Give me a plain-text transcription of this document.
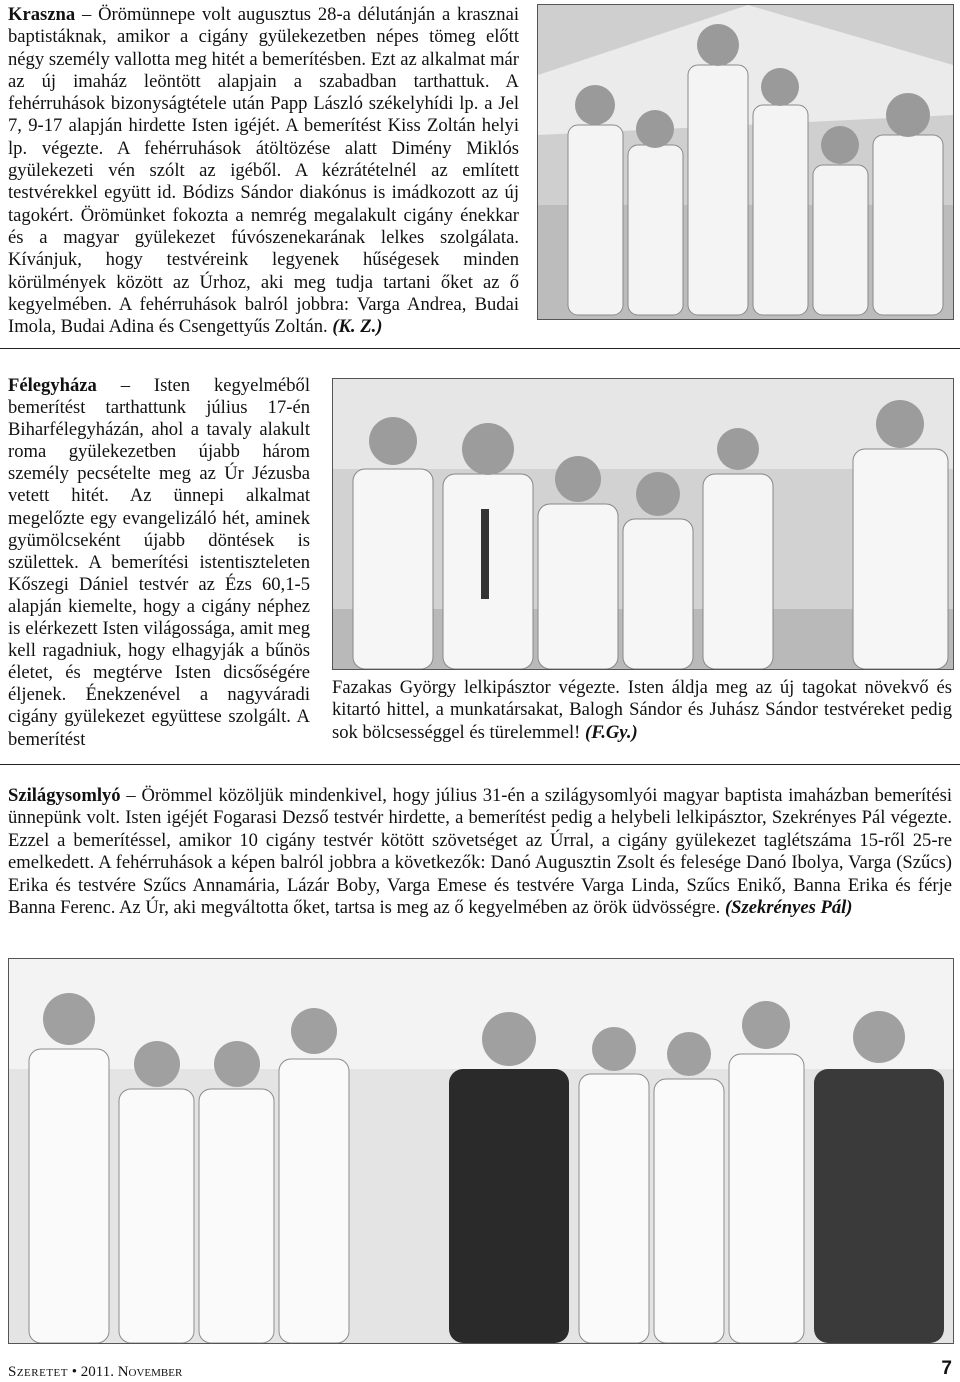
Kraszna – Örömünnepe volt augusztus 28-a délutánján a krasznai baptistáknak, amikor a cigány gyülekezetben népes tömeg előtt négy személy vallotta meg hitét a bemerítésben. Ezt az alkalmat már az új imaház leöntött alapjain a szabadban tarthattuk. A fehérruhások bizonyságtétele után Papp László székelyhídi lp. a Jel 7, 9-17 alapján hirdette Isten igéjét. A bemerítést Kiss Zoltán helyi lp. végezte. A fehérruhások átöltözése alatt Dimény Miklós gyülekezeti vén szólt az igéből. A kézrátételnél az említett testvérekkel együtt id. Bódizs Sándor diakónus is imádkozott az új tagokért. Örömünket fokozta a nemrég megalakult cigány énekkar és a magyar gyülekezet fúvószenekarának lelkes szolgálata. Kívánjuk, hogy testvéreink legyenek hűségesek minden körülmények között az Úrhoz, aki meg tudja tartani őket az ő kegyelmében. A fehérruhások balról jobbra: Varga Andrea, Budai Imola, Budai Adina és Csengettyűs Zoltán. (K. Z.)

Félegyháza – Isten kegyelméből bemerítést tarthattunk július 17-én Biharfélegyházán, ahol a tavaly alakult roma gyülekezetben újabb három személy pecsételte meg az Úr Jézusba vetett hitét. Az ünnepi alkalmat megelőzte egy evangelizáló hét, aminek gyümölcseként újabb döntések is születtek. A bemerítési istentiszteleten Kőszegi Dániel testvér az Ézs 60,1-5 alapján kiemelte, hogy a cigány néphez is elérkezett Isten világossága, amit meg kell ragadniuk, hogy elhagyják a bűnös életet, és megtérve Isten dicsőségére éljenek. Énekzenével a nagyváradi cigány gyülekezet együttese szolgált. A bemerítést

Fazakas György lelkipásztor végezte. Isten áldja meg az új tagokat növekvő és kitartó hittel, a munkatársakat, Balogh Sándor és Juhász Sándor testvéreket pedig sok bölcsességgel és türelemmel! (F.Gy.)

Szilágysomlyó – Örömmel közöljük mindenkivel, hogy július 31-én a szilágysomlyói magyar baptista imaházban bemerítési ünnepünk volt. Isten igéjét Fogarasi Dezső testvér hirdette, a bemerítést pedig a helybeli lelkipásztor, Szekrényes Pál végezte. Ezzel a bemerítéssel, amikor 10 cigány testvér kötött szövetséget az Úrral, a cigány gyülekezet taglétszáma 15-ről 25-re emelkedett. A fehérruhások a képen balról jobbra a következők: Danó Augusztin Zsolt és felesége Danó Ibolya, Varga (Szűcs) Erika és testvére Szűcs Annamária, Lázár Boby, Varga Emese és testvére Varga Linda, Szűcs Enikő, Banna Erika és férje Banna Ferenc. Az Úr, aki megváltotta őket, tartsa is meg az ő kegyelmében az örök üdvösségre. (Szekrényes Pál)

Szeretet • 2011. November	7
